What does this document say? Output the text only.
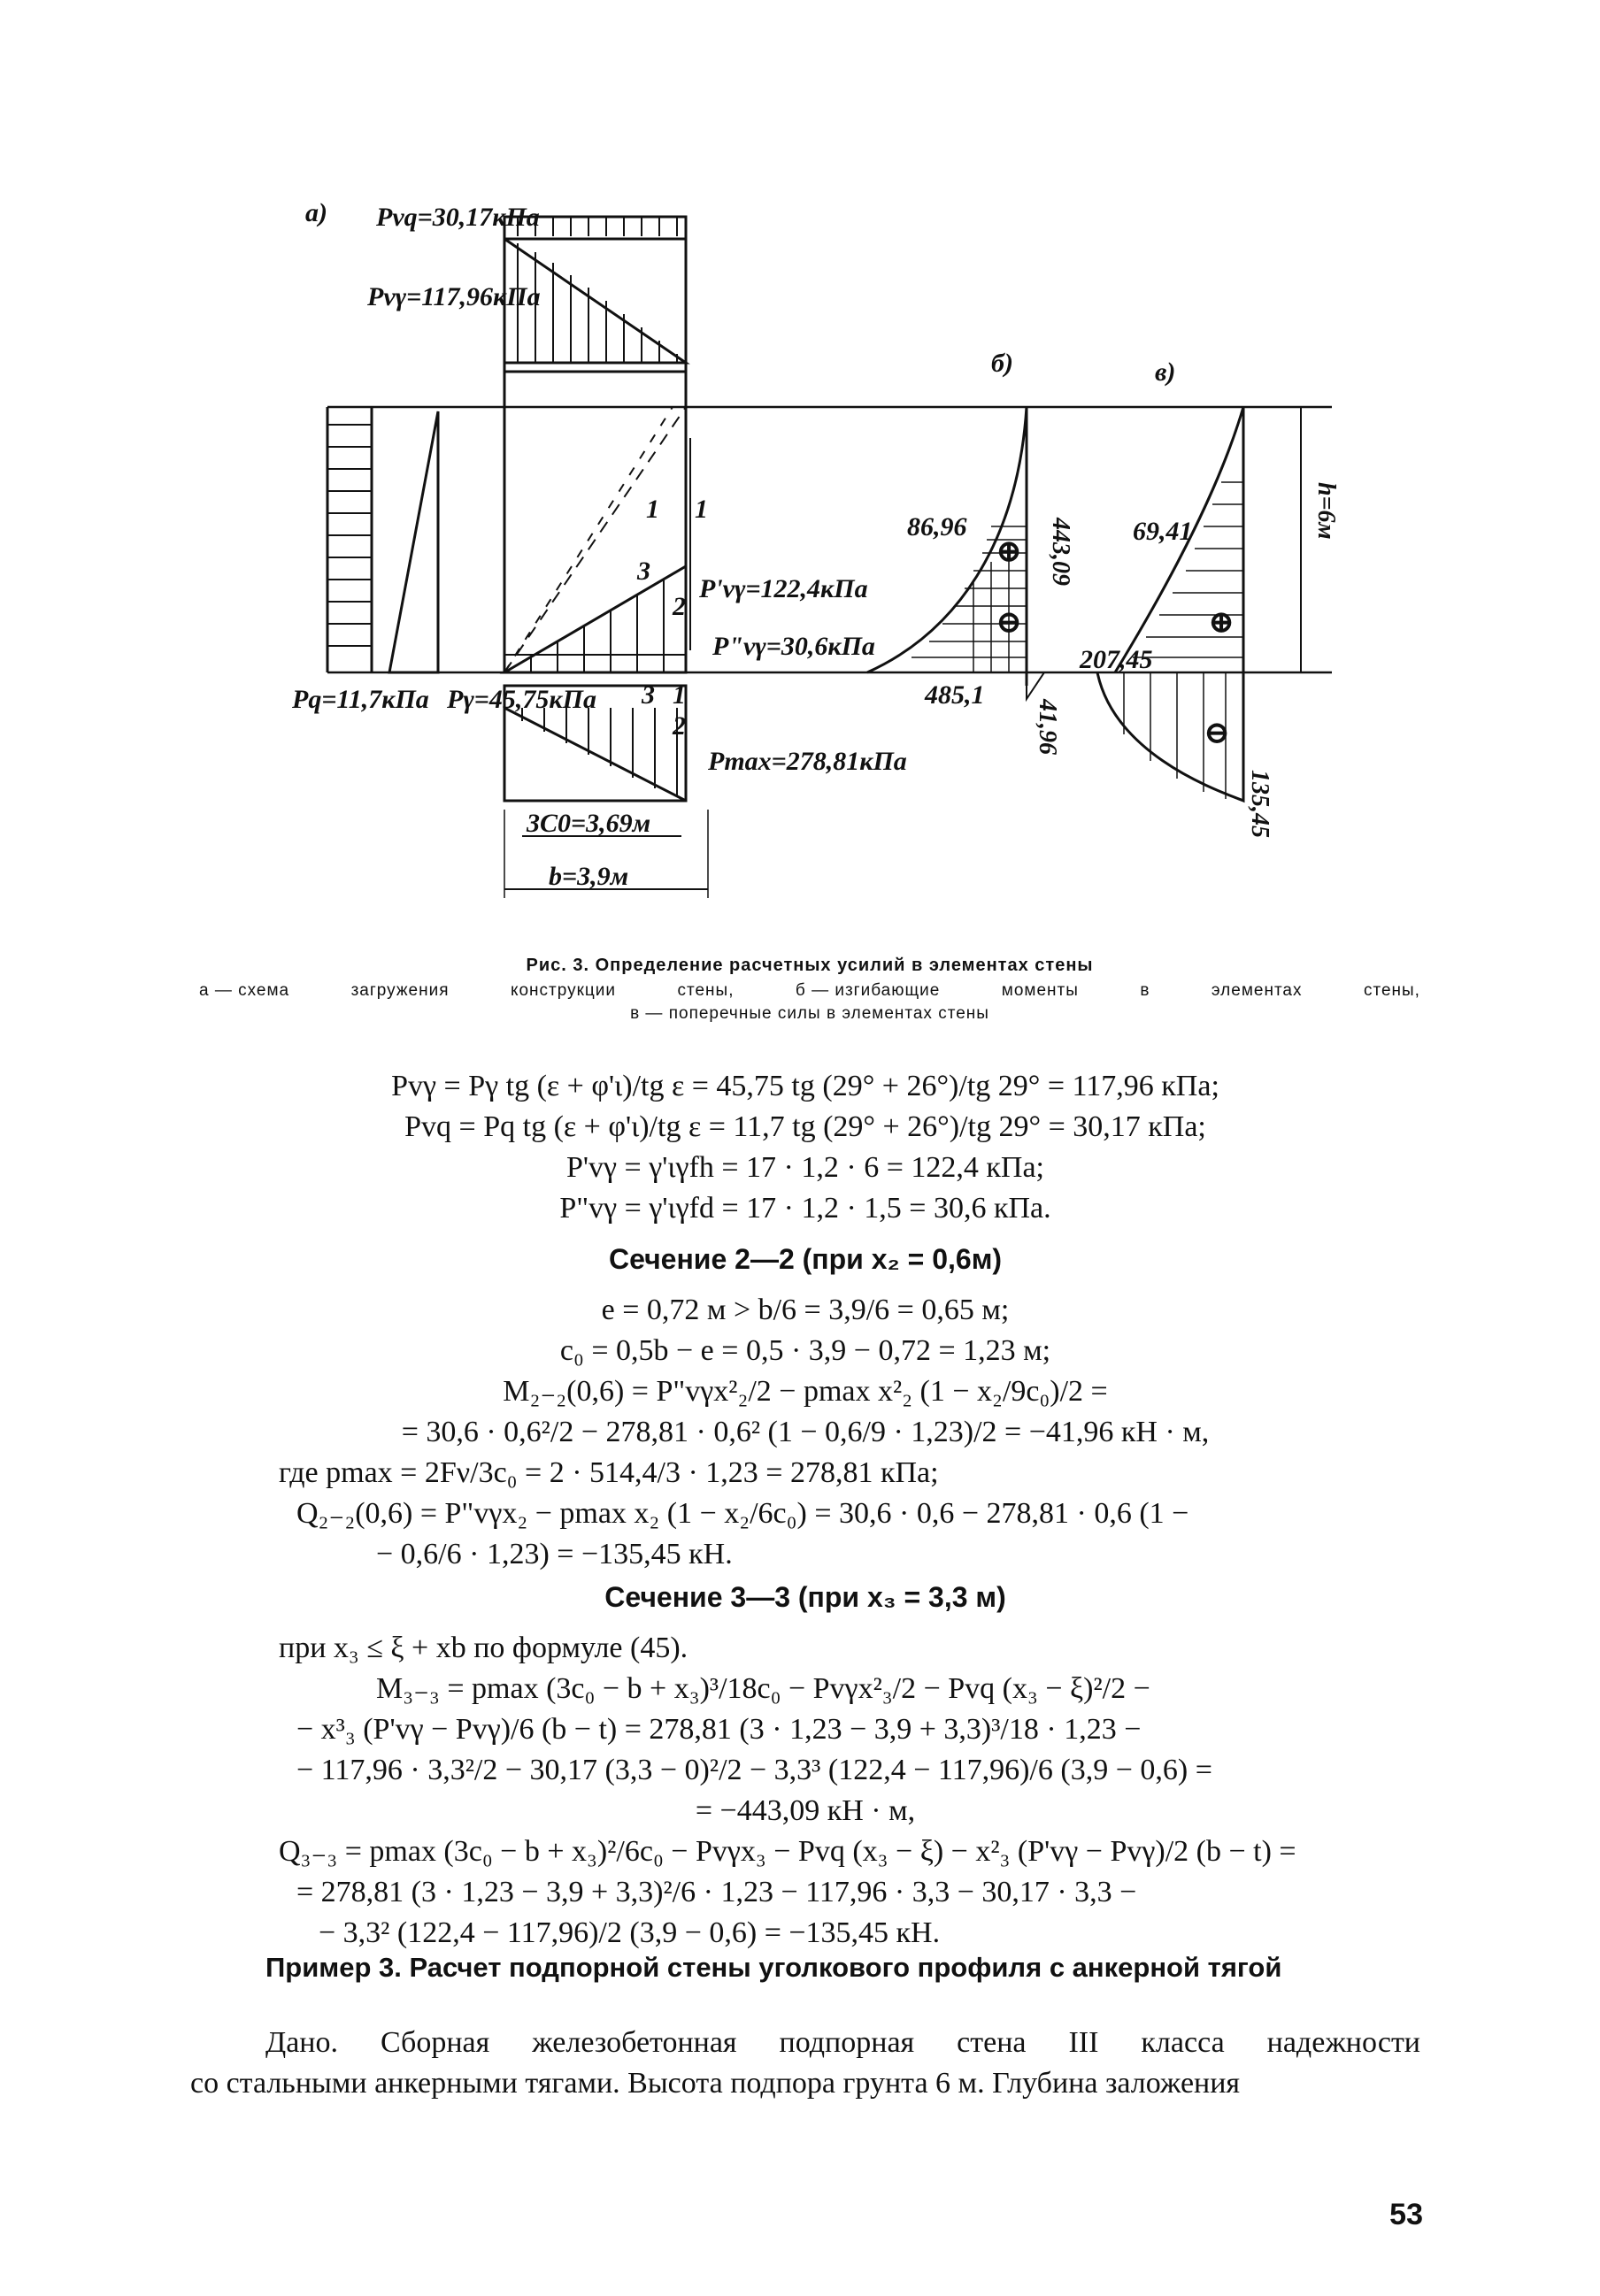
а) Pvq=30,17кПа
Pvγ=117,96кПа
б)	в)
P'vγ=122,4кПа
P"vγ=30,6кПа
Pq=11,7кПа Pγ=45,75кПа
Pmax=278,81кПа
3C0=3,69м
b=3,9м
86,96
485,1
69,41
207,45
1 1
3
2
3 1
2
⊕
⊖	⊕
⊖
443,09
41,96
135,45
h=6м
Рис. 3. Определение расчетных усилий в элементах стены
а — схема	загружения	конструкции	стены,	б — изгибающие	моменты	в	элементах	стены,
в — поперечные силы в элементах стены
Pvγ = Pγ tg (ε + φ'ι)/tg ε = 45,75 tg (29° + 26°)/tg 29° = 117,96 кПа;
Pvq = Pq tg (ε + φ'ι)/tg ε = 11,7 tg (29° + 26°)/tg 29° = 30,17 кПа;
P'vγ = γ'ιγfh = 17 · 1,2 · 6 = 122,4 кПа;
P"vγ = γ'ιγfd = 17 · 1,2 · 1,5 = 30,6 кПа.
Сечение 2—2 (при x₂ = 0,6м)
e = 0,72 м > b/6 = 3,9/6 = 0,65 м;
c₀ = 0,5b − e = 0,5 · 3,9 − 0,72 = 1,23 м;
M₂₋₂(0,6) = P"vγx²₂/2 − pmax x²₂ (1 − x₂/9c₀)/2 =
= 30,6 · 0,6²/2 − 278,81 · 0,6² (1 − 0,6/9 · 1,23)/2 = −41,96 кН · м,
где pmax = 2Fν/3c₀ = 2 · 514,4/3 · 1,23 = 278,81 кПа;
Q₂₋₂(0,6) = P"vγx₂ − pmax x₂ (1 − x₂/6c₀) = 30,6 · 0,6 − 278,81 · 0,6 (1 −
− 0,6/6 · 1,23) = −135,45 кН.
Сечение 3—3 (при x₃ = 3,3 м)
при x₃ ≤ ξ + xb по формуле (45).
M₃₋₃ = pmax (3c₀ − b + x₃)³/18c₀ − Pvγx²₃/2 − Pvq (x₃ − ξ)²/2 −
− x³₃ (P'vγ − Pvγ)/6 (b − t) = 278,81 (3 · 1,23 − 3,9 + 3,3)³/18 · 1,23 −
− 117,96 · 3,3²/2 − 30,17 (3,3 − 0)²/2 − 3,3³ (122,4 − 117,96)/6 (3,9 − 0,6) =
= −443,09 кН · м,
Q₃₋₃ = pmax (3c₀ − b + x₃)²/6c₀ − Pvγx₃ − Pvq (x₃ − ξ) − x²₃ (P'vγ − Pvγ)/2 (b − t) =
= 278,81 (3 · 1,23 − 3,9 + 3,3)²/6 · 1,23 − 117,96 · 3,3 − 30,17 · 3,3 −
− 3,3² (122,4 − 117,96)/2 (3,9 − 0,6) = −135,45 кН.
Пример 3. Расчет подпорной стены уголкового профиля с анкерной тягой
Дано. Сборная железобетонная подпорная стена III класса надежности
со стальными анкерными тягами. Высота подпора грунта 6 м. Глубина заложения
53
